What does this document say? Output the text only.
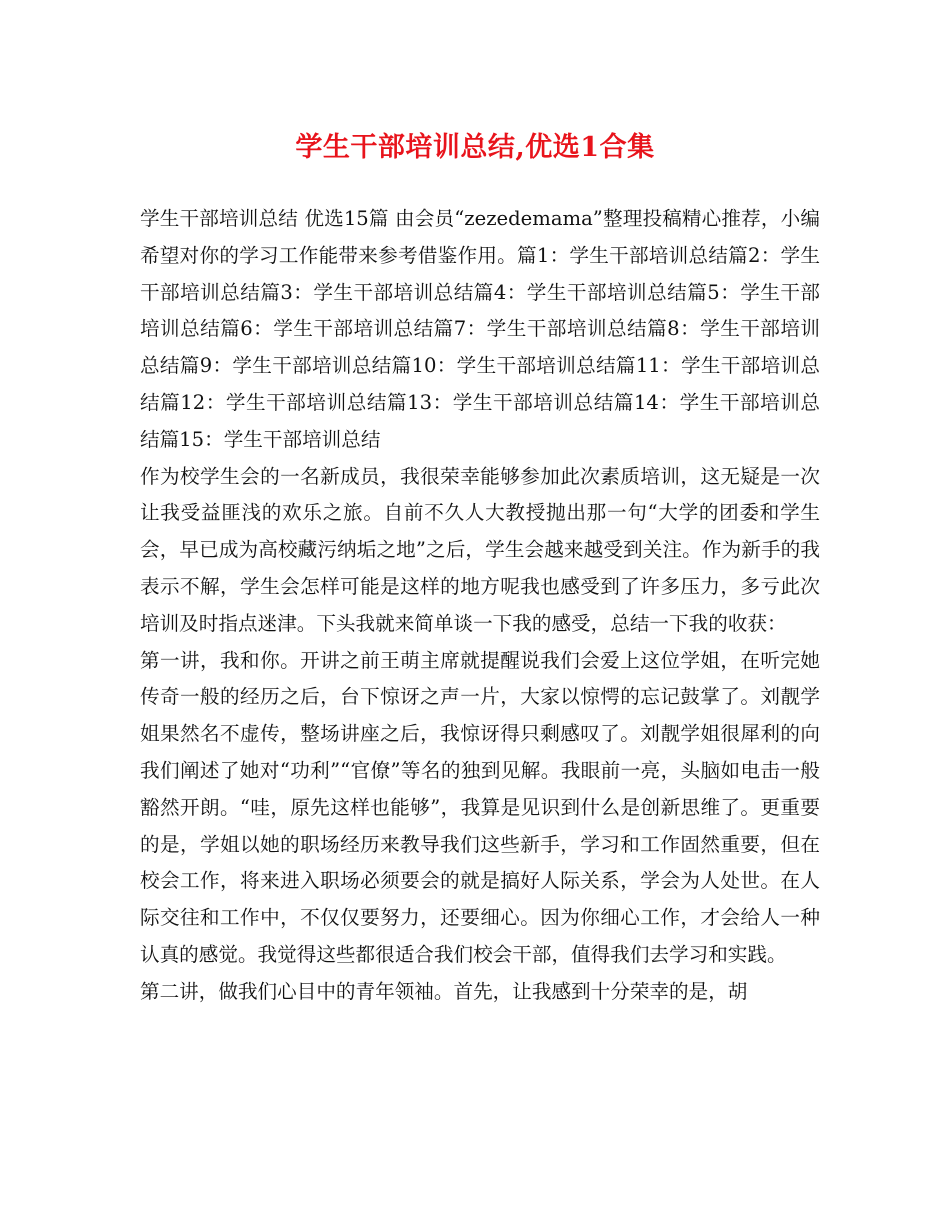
学生干部培训总结,优选1合集

学生干部培训总结 优选15篇 由会员“zezedemama”整理投稿精心推荐，小编希望对你的学习工作能带来参考借鉴作用。篇1：学生干部培训总结篇2：学生干部培训总结篇3：学生干部培训总结篇4：学生干部培训总结篇5：学生干部培训总结篇6：学生干部培训总结篇7：学生干部培训总结篇8：学生干部培训总结篇9：学生干部培训总结篇10：学生干部培训总结篇11：学生干部培训总结篇12：学生干部培训总结篇13：学生干部培训总结篇14：学生干部培训总结篇15：学生干部培训总结

作为校学生会的一名新成员，我很荣幸能够参加此次素质培训，这无疑是一次让我受益匪浅的欢乐之旅。自前不久人大教授抛出那一句“大学的团委和学生会，早已成为高校藏污纳垢之地”之后，学生会越来越受到关注。作为新手的我表示不解，学生会怎样可能是这样的地方呢我也感受到了许多压力，多亏此次培训及时指点迷津。下头我就来简单谈一下我的感受，总结一下我的收获：

第一讲，我和你。开讲之前王萌主席就提醒说我们会爱上这位学姐，在听完她传奇一般的经历之后，台下惊讶之声一片，大家以惊愕的忘记鼓掌了。刘靓学姐果然名不虚传，整场讲座之后，我惊讶得只剩感叹了。刘靓学姐很犀利的向我们阐述了她对“功利”“官僚”等名的独到见解。我眼前一亮，头脑如电击一般豁然开朗。“哇，原先这样也能够”，我算是见识到什么是创新思维了。更重要的是，学姐以她的职场经历来教导我们这些新手，学习和工作固然重要，但在校会工作，将来进入职场必须要会的就是搞好人际关系，学会为人处世。在人际交往和工作中，不仅仅要努力，还要细心。因为你细心工作，才会给人一种认真的感觉。我觉得这些都很适合我们校会干部，值得我们去学习和实践。

第二讲，做我们心目中的青年领袖。首先，让我感到十分荣幸的是，胡
